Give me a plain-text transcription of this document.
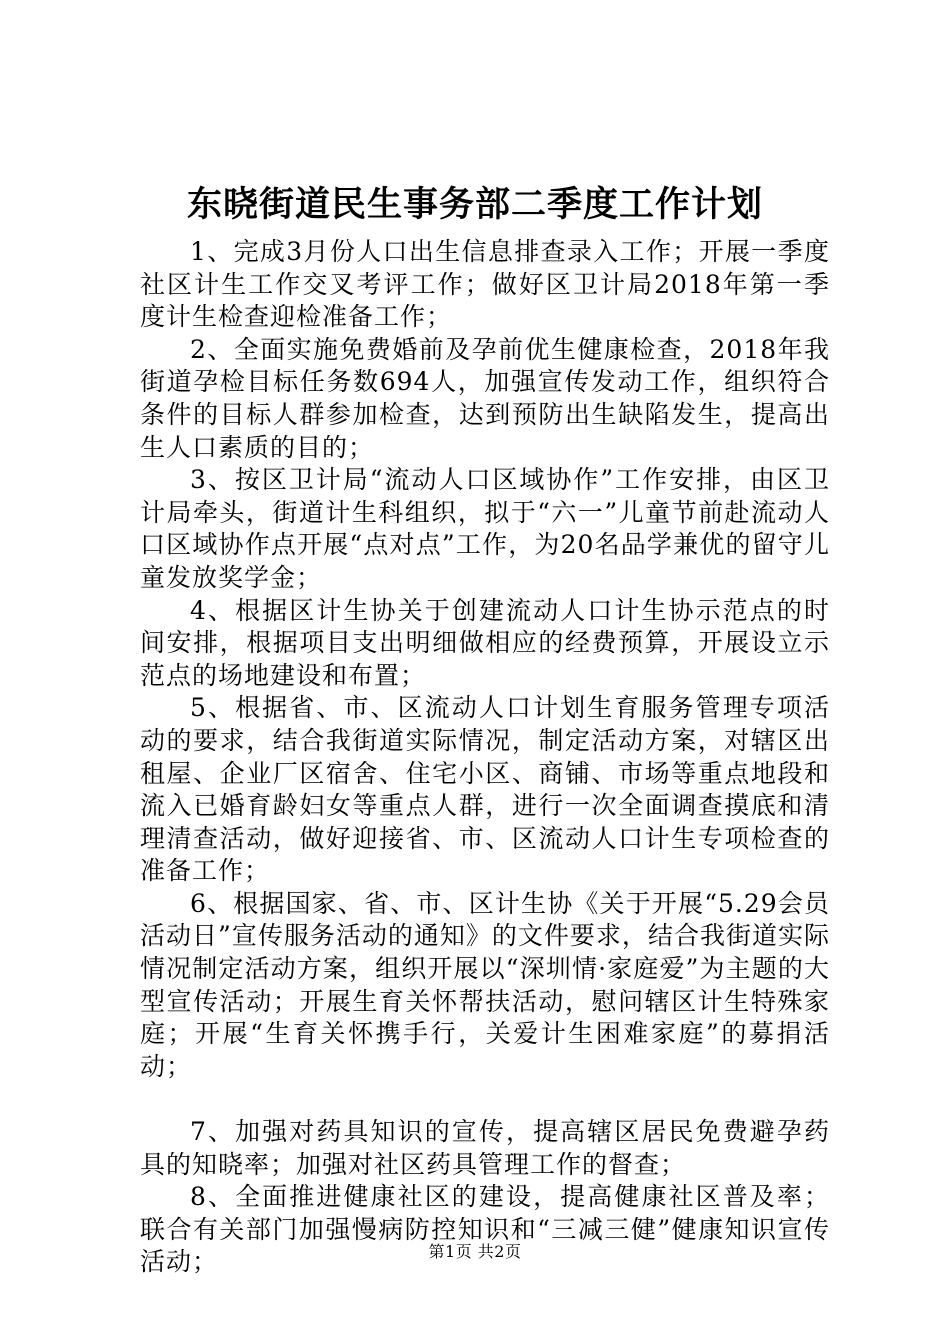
东晓街道民生事务部二季度工作计划

1、完成3月份人口出生信息排查录入工作；开展一季度社区计生工作交叉考评工作；做好区卫计局2018年第一季度计生检查迎检准备工作；

2、全面实施免费婚前及孕前优生健康检查，2018年我街道孕检目标任务数694人，加强宣传发动工作，组织符合条件的目标人群参加检查，达到预防出生缺陷发生，提高出生人口素质的目的；

3、按区卫计局“流动人口区域协作”工作安排，由区卫计局牵头，街道计生科组织，拟于“六一”儿童节前赴流动人口区域协作点开展“点对点”工作，为20名品学兼优的留守儿童发放奖学金；

4、根据区计生协关于创建流动人口计生协示范点的时间安排，根据项目支出明细做相应的经费预算，开展设立示范点的场地建设和布置；

5、根据省、市、区流动人口计划生育服务管理专项活动的要求，结合我街道实际情况，制定活动方案，对辖区出租屋、企业厂区宿舍、住宅小区、商铺、市场等重点地段和流入已婚育龄妇女等重点人群，进行一次全面调查摸底和清理清查活动，做好迎接省、市、区流动人口计生专项检查的准备工作；

6、根据国家、省、市、区计生协《关于开展“5.29会员活动日”宣传服务活动的通知》的文件要求，结合我街道实际情况制定活动方案，组织开展以“深圳情·家庭爱”为主题的大型宣传活动；开展生育关怀帮扶活动，慰问辖区计生特殊家庭；开展“生育关怀携手行，关爱计生困难家庭”的募捐活动；

7、加强对药具知识的宣传，提高辖区居民免费避孕药具的知晓率；加强对社区药具管理工作的督查；

8、全面推进健康社区的建设，提高健康社区普及率；联合有关部门加强慢病防控知识和“三减三健”健康知识宣传活动；	第1页 共2页
